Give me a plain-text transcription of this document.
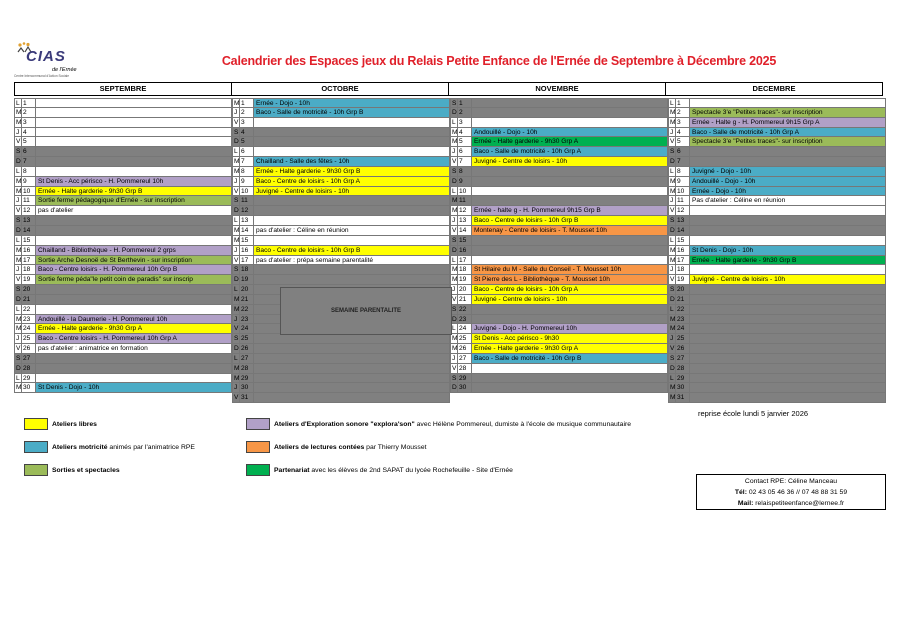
CIAS
de l'Ernée
Centre Intercommunal d'Action Sociale
Calendrier des Espaces jeux du Relais Petite Enfance de l'Ernée de Septembre à Décembre 2025
SEPTEMBRE	OCTOBRE	NOVEMBRE	DECEMBRE
L 1
M 2
M 3
J 4
V 5
S 6
D 7
L 8
M 9	St Denis - Acc périsco - H. Pommereul 10h
M 10	Ernée - Halte garderie - 9h30 Grp B
J 11	Sortie ferme pédagogique d'Ernée - sur inscription
V 12	pas d'atelier
S 13
D 14
L 15
M 16	Chailland - Bibliothèque - H. Pommereul 2 grps
M 17	Sortie Arche Desnoë de St Berthevin - sur inscription
J 18	Baco - Centre loisirs - H. Pommereul 10h Grp B
V 19	Sortie ferme péda"le petit coin de paradis" sur inscrip
S 20
D 21
L 22
M 23	Andouillé - la Daumerie - H. Pommereul 10h
M 24	Ernée - Halte garderie - 9h30 Grp A
J 25	Baco - Centre loisirs - H. Pommereul 10h Grp A
V 26	pas d'atelier : animatrice en formation
S 27
D 28
L 29
M 30	St Denis - Dojo - 10h
M 1	Ernée - Dojo - 10h
J 2	Baco - Salle de motricité - 10h Grp B
V 3
S 4
D 5
L 6
M 7	Chailland - Salle des fêtes - 10h
M 8	Ernée - Halte garderie - 9h30 Grp B
J 9	Baco - Centre de loisirs - 10h Grp A
V 10	Juvigné - Centre de loisirs - 10h
S 11
D 12
L 13
M 14	pas d'atelier : Céline en réunion
M 15
J 16	Baco - Centre de loisirs - 10h Grp B
V 17	pas d'atelier : prépa semaine parentalité
S 18
D 19
L 20
M 21
M 22
J 23
V 24
S 25
D 26
L 27
M 28
M 29
J 30
V 31
S 1
D 2
L 3
M 4	Andouillé - Dojo - 10h
M 5	Ernée - Halte garderie - 9h30 Grp A
J 6	Baco - Salle de motricité - 10h Grp A
V 7	Juvigné - Centre de loisirs - 10h
S 8
D 9
L 10
M 11
M 12	Ernée - halte g - H. Pommereul 9h15 Grp B
J 13	Baco - Centre de loisirs - 10h Grp B
V 14	Montenay - Centre de loisirs - T. Mousset 10h
S 15
D 16
L 17
M 18	St Hilaire du M - Salle du Conseil - T. Mousset 10h
M 19	St Pierre des L - Bibliothèque - T. Mousset 10h
J 20	Baco - Centre de loisirs - 10h Grp A
V 21	Juvigné - Centre de loisirs - 10h
S 22
D 23
L 24	Juvigné - Dojo - H. Pommereul 10h
M 25	St Denis - Acc périsco - 9h30
M 26	Ernée - Halte garderie - 9h30 Grp A
J 27	Baco - Salle de motricité - 10h Grp B
V 28
S 29
D 30
L 1
M 2	Spectacle 3'e "Petites traces"- sur inscription
M 3	Ernée - Halte g - H. Pommereul 9h15 Grp A
J 4	Baco - Salle de motricité - 10h Grp A
V 5	Spectacle 3'e "Petites traces"- sur inscription
S 6
D 7
L 8	Juvigné - Dojo - 10h
M 9	Andouillé - Dojo - 10h
M 10	Ernée - Dojo - 10h
J 11	Pas d'atelier : Céline en réunion
V 12
S 13
D 14
L 15
M 16	St Denis - Dojo - 10h
M 17	Ernée - Halte garderie - 9h30 Grp B
J 18
V 19	Juvigné - Centre de loisirs - 10h
S 20
D 21
L 22
M 23
M 24
J 25
V 26
S 27
D 28
L 29
M 30
M 31
SEMAINE PARENTALITE
reprise école lundi 5 janvier 2026
Ateliers libres
Ateliers motricité animés par l'animatrice RPE
Sorties et spectacles
Ateliers d'Exploration sonore "explora'son" avec Hélène Pommereul, dumiste à l'école de musique communautaire
Ateliers de lectures contées par Thierry Mousset
Partenariat avec les élèves de 2nd SAPAT du lycée Rochefeuille - Site d'Ernée
Contact RPE: Céline Manceau
Tél: 02 43 05 46 36 // 07 48 88 31 59
Mail: relaispetiteenfance@lernee.fr
